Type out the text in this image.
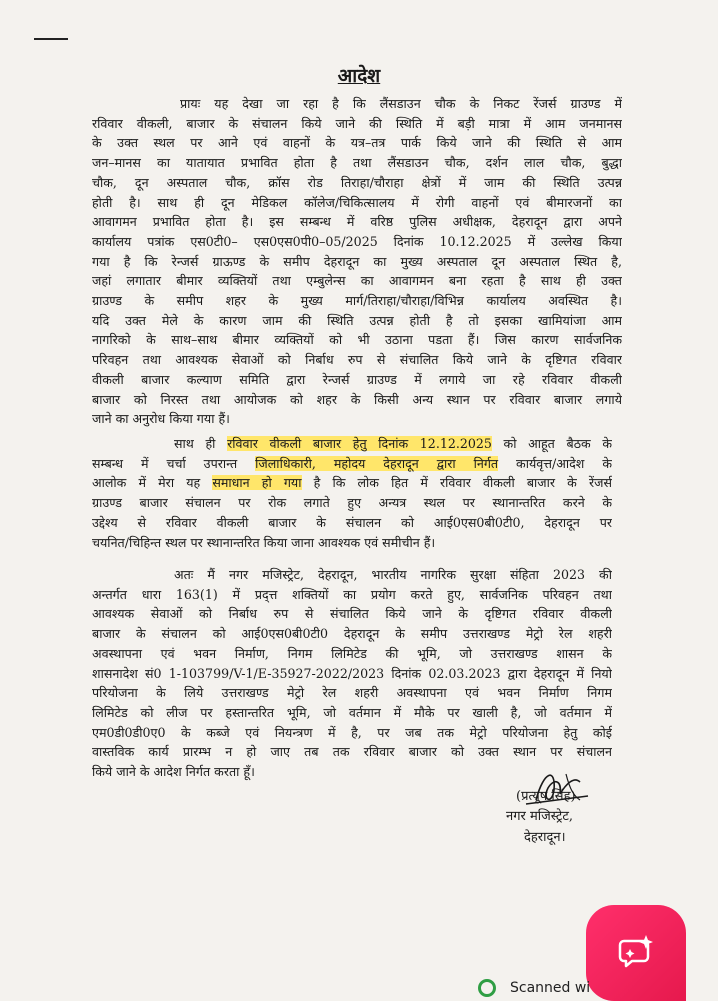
आदेश
प्रायः यह देखा जा रहा है कि लैंसडाउन चौक के निकट रेंजर्स ग्राउण्ड में
रविवार वीकली, बाजार के संचालन किये जाने की स्थिति में बड़ी मात्रा में आम जनमानस
के उक्त स्थल पर आने एवं वाहनों के यत्र–तत्र पार्क किये जाने की स्थिति से आम
जन–मानस का यातायात प्रभावित होता है तथा लैंसडाउन चौक, दर्शन लाल चौक, बुद्धा
चौक, दून अस्पताल चौक, क्रॉस रोड तिराहा/चौराहा क्षेत्रों में जाम की स्थिति उत्पन्न
होती है। साथ ही दून मेडिकल कॉलेज/चिकित्सालय में रोगी वाहनों एवं बीमारजनों का
आवागमन प्रभावित होता है। इस सम्बन्ध में वरिष्ठ पुलिस अधीक्षक, देहरादून द्वारा अपने
कार्यालय पत्रांक एस0टी0– एस0एस0पी0–05/2025 दिनांक 10.12.2025 में उल्लेख किया
गया है कि रेन्जर्स ग्राऊण्ड के समीप देहरादून का मुख्य अस्पताल दून अस्पताल स्थित है,
जहां लगातार बीमार व्यक्तियों तथा एम्बुलेन्स का आवागमन बना रहता है साथ ही उक्त
ग्राउण्ड के समीप शहर के मुख्य मार्ग/तिराहा/चौराहा/विभिन्न कार्यालय अवस्थित है।
यदि उक्त मेले के कारण जाम की स्थिति उत्पन्न होती है तो इसका खामियांजा आम
नागरिको के साथ–साथ बीमार व्यक्तियों को भी उठाना पडता हैं। जिस कारण सार्वजनिक
परिवहन तथा आवश्यक सेवाओं को निर्बाध रुप से संचालित किये जाने के दृष्टिगत रविवार
वीकली बाजार कल्याण समिति द्वारा रेन्जर्स ग्राउण्ड में लगाये जा रहे रविवार वीकली
बाजार को निरस्त तथा आयोजक को शहर के किसी अन्य स्थान पर रविवार बाजार लगाये
जाने का अनुरोध किया गया हैं।
साथ ही रविवार वीकली बाजार हेतु दिनांक 12.12.2025 को आहूत बैठक के
सम्बन्ध में चर्चा उपरान्त जिलाधिकारी, महोदय देहरादून द्वारा निर्गत कार्यवृत्त/आदेश के
आलोक में मेरा यह समाधान हो गया है कि लोक हित में रविवार वीकली बाजार के रेंजर्स
ग्राउण्ड बाजार संचालन पर रोक लगाते हुए अन्यत्र स्थल पर स्थानान्तरित करने के
उद्देश्य से रविवार वीकली बाजार के संचालन को आई0एस0बी0टी0, देहरादून पर
चयनित/चिहिन्त स्थल पर स्थानान्तरित किया जाना आवश्यक एवं समीचीन हैं।
अतः मैं नगर मजिस्ट्रेट, देहरादून, भारतीय नागरिक सुरक्षा संहिता 2023 की
अन्तर्गत धारा 163(1) में प्रद्त्त शक्तियों का प्रयोग करते हुए, सार्वजनिक परिवहन तथा
आवश्यक सेवाओं को निर्बाध रुप से संचालित किये जाने के दृष्टिगत रविवार वीकली
बाजार के संचालन को आई0एस0बी0टी0 देहरादून के समीप उत्तराखण्ड मेट्रो रेल शहरी
अवस्थापना एवं भवन निर्माण, निगम लिमिटेड की भूमि, जो उत्तराखण्ड शासन के
शासनादेश सं0 1-103799/V-1/E-35927-2022/2023 दिनांक 02.03.2023 द्वारा देहरादून में नियो
परियोजना के लिये उत्तराखण्ड मेट्रो रेल शहरी अवस्थापना एवं भवन निर्माण निगम
लिमिटेड को लीज पर हस्तान्तरित भूमि, जो वर्तमान में मौके पर खाली है, जो वर्तमान में
एम0डी0डी0ए0 के कब्जे एवं नियन्त्रण में है, पर जब तक मेट्रो परियोजना हेतु कोई
वास्तविक कार्य प्रारम्भ न हो जाए तब तक रविवार बाजार को उक्त स्थान पर संचालन
किये जाने के आदेश निर्गत करता हूँ।
(प्रत्यूष सिंह)
नगर मजिस्ट्रेट,
देहरादून।
Scanned wi
